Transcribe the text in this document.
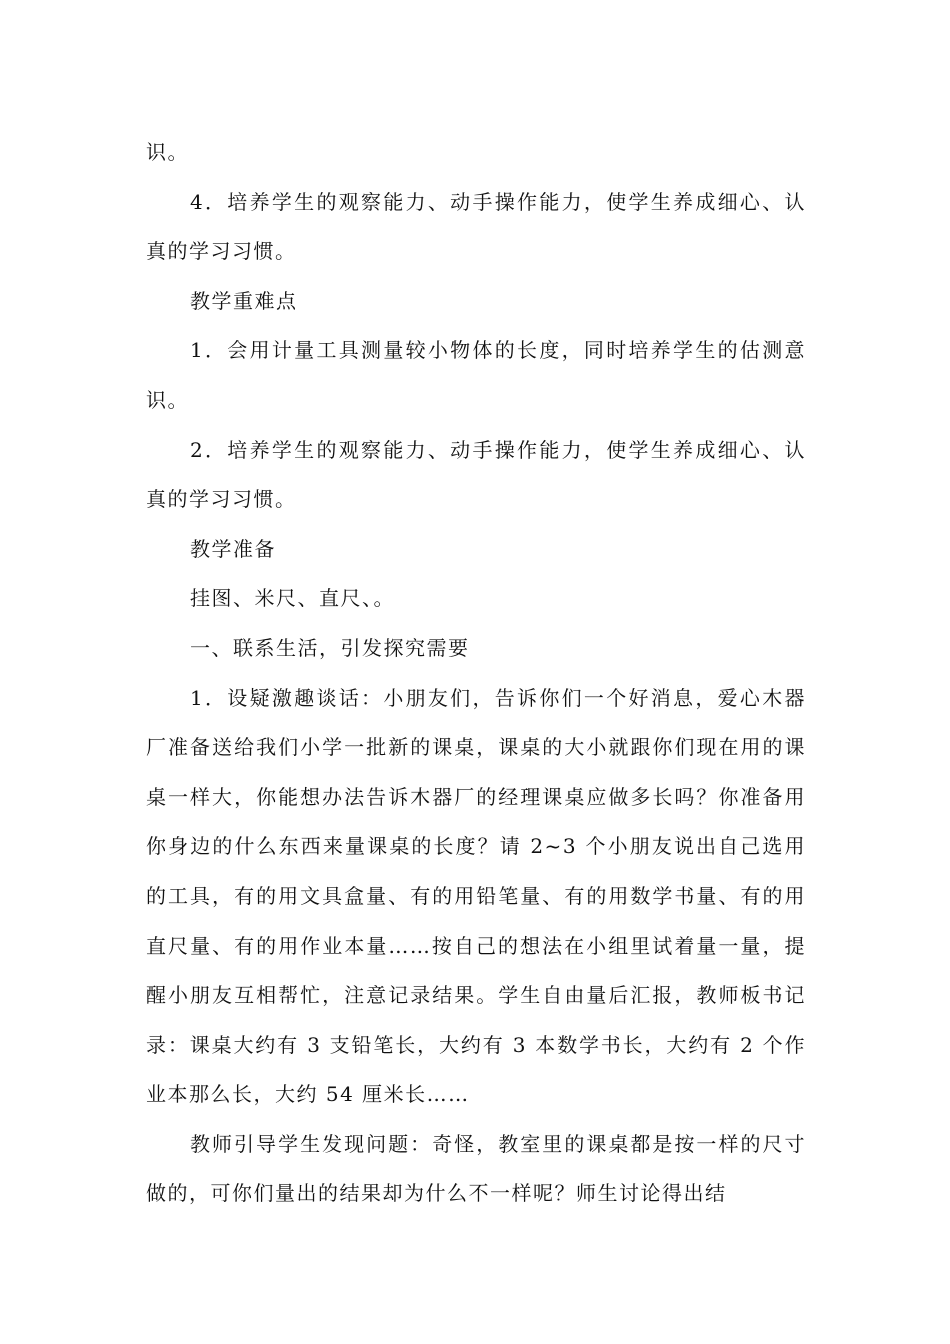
识。

4．培养学生的观察能力、动手操作能力，使学生养成细心、认真的学习习惯。

教学重难点

1．会用计量工具测量较小物体的长度，同时培养学生的估测意识。

2．培养学生的观察能力、动手操作能力，使学生养成细心、认真的学习习惯。

教学准备

挂图、米尺、直尺、。

一、联系生活，引发探究需要

1．设疑激趣谈话：小朋友们，告诉你们一个好消息，爱心木器厂准备送给我们小学一批新的课桌，课桌的大小就跟你们现在用的课桌一样大，你能想办法告诉木器厂的经理课桌应做多长吗？你准备用你身边的什么东西来量课桌的长度？请 2~3 个小朋友说出自己选用的工具，有的用文具盒量、有的用铅笔量、有的用数学书量、有的用直尺量、有的用作业本量……按自己的想法在小组里试着量一量，提醒小朋友互相帮忙，注意记录结果。学生自由量后汇报，教师板书记录：课桌大约有 3 支铅笔长，大约有 3 本数学书长，大约有 2 个作业本那么长，大约 54 厘米长……

教师引导学生发现问题：奇怪，教室里的课桌都是按一样的尺寸做的，可你们量出的结果却为什么不一样呢？师生讨论得出结
